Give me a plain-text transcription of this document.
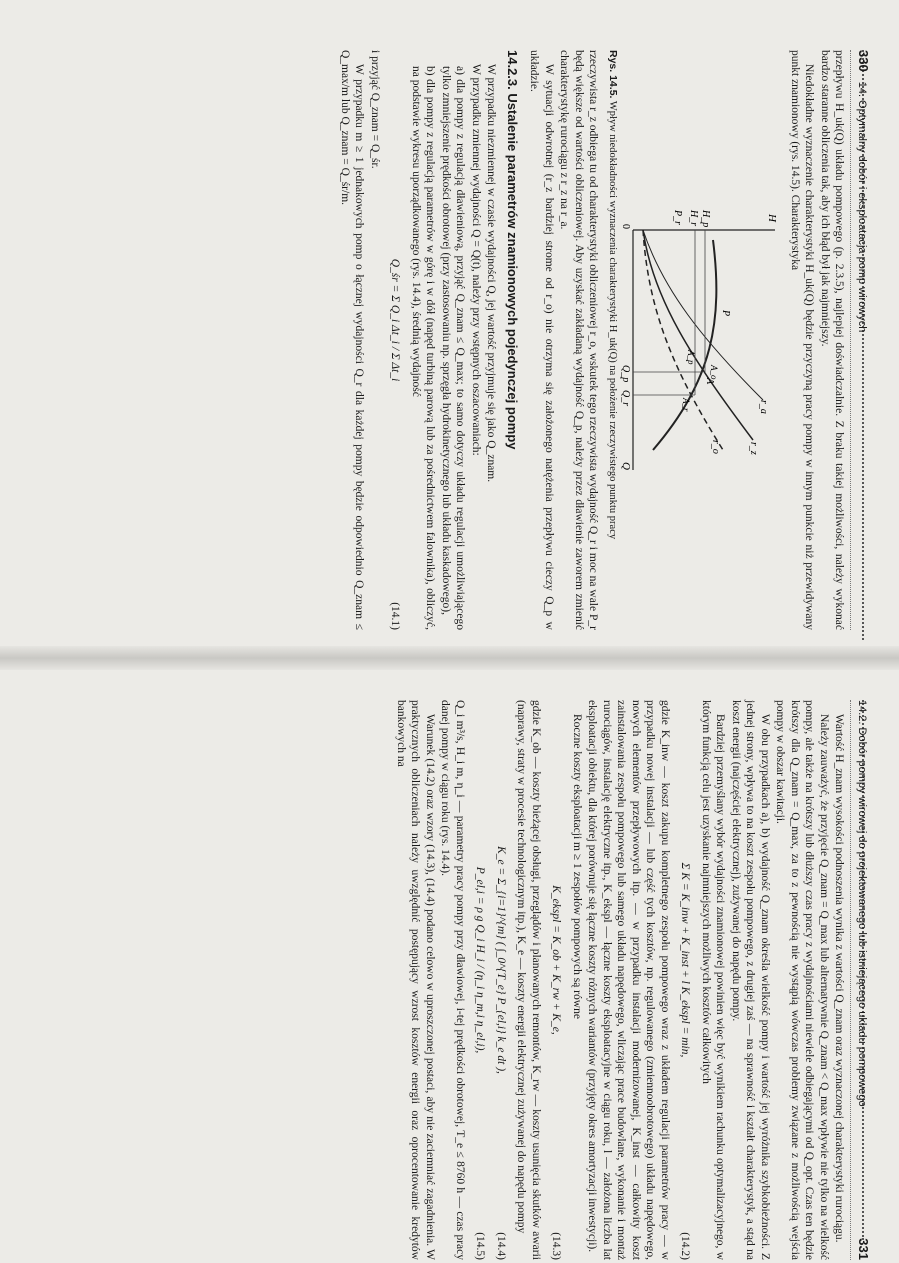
330
14. Optymalny dobór i eksploatacja pomp wirowych

przepływu H_uk(Q) układu pompowego (p. 2.3.5), najlepiej doświadczalnie. Z braku takiej możliwości, należy wykonać bardzo staranne obliczenia tak, aby ich błąd był jak najmniejszy.

Niedokładne wyznaczenie charakterystyki H_uk(Q) będzie przyczyną pracy pompy w innym punkcie niż przewidywany punkt znamionowy (rys. 14.5). Charakterystyka

H
H_p
H_r
P_r
P
r_o
r_a
r_z
A
A_o
A_p
A_r
0
Q_p
Q_r
Q
Rys. 14.5. Wpływ niedokładności wyznaczenia charakterystyki H_uk(Q) na położenie rzeczywistego punktu pracy

rzeczywista r_z odbiega tu od charakterystyki obliczeniowej r_o, wskutek tego rzeczywista wydajność Q_r i moc na wale P_r będą większe od wartości obliczeniowej. Aby uzyskać zakładaną wydajność Q_p, należy przez dławienie zaworem zmienić charakterystykę rurociągu z r_z na r_a.

W sytuacji odwrotnej (r_z bardziej strome od r_o) nie otrzyma się założonego natężenia przepływu cieczy Q_p w układzie.

14.2.3. Ustalenie parametrów znamionowych pojedynczej pompy

W przypadku niezmiennej w czasie wydajności Q, jej wartość przyjmuje się jako Q_znam.

W przypadku zmiennej wydajności Q = Q(t), należy przy wstępnych oszacowaniach:

a) dla pompy z regulacją dławieniową, przyjąć Q_znam ≤ Q_max; to samo dotyczy układu regulacji umożliwiającego tylko zmniejszenie prędkości obrotowej (przy zastosowaniu np. sprzęgła hydrokinetycznego lub układu kaskadowego),
b) dla pompy z regulacją parametrów w górę i w dół (napęd turbiną parową lub za pośrednictwem falownika), obliczyć, na podstawie wykresu uporządkowanego (rys. 14.4), średnią wydajność
Q_śr = Σ Q_i Δt_i / Σ Δt_i
(14.1)

i przyjąć Q_znam = Q_śr.

W przypadku m ≥ 1 jednakowych pomp o łącznej wydajności Q_r dla każdej pompy będzie odpowiednio Q_znam ≤ Q_max/m lub Q_znam = Q_śr/m.

14.2. Dobór pompy wirowej do projektowanego lub istniejącego układu pompowego
331

Wartość H_znam wysokości podnoszenia wynika z wartości Q_znam oraz wyznaczonej charakterystyki rurociągu.

Należy zauważyć, że przyjęcie Q_znam = Q_max lub alternatywnie Q_znam < Q_max wpływie nie tylko na wielkość pompy, ale także na krótszy lub dłuższy czas pracy z wydajnościami niewiele odbiegającymi od Q_opt. Czas ten będzie krótszy dla Q_znam = Q_max, za to z pewnością nie wystąpią wówczas problemy związane z możliwością wejścia pompy w obszar kawitacji.

W obu przypadkach a), b) wydajność Q_znam określa wielkość pompy i wartość jej wyróżnika szybkobieżności. Z jednej strony, wpływa to na koszt zespołu pompowego, z drugiej zaś — na sprawność i kształt charakterystyk, a stąd na koszt energii (najczęściej elektrycznej), zużywanej do napędu pompy.

Bardziej przemyślany wybór wydajności znamionowej powinien więc być wynikiem rachunku optymalizacyjnego, w którym funkcją celu jest uzyskanie najmniejszych możliwych kosztów całkowitych

Σ K = K_inw + K_inst + l K_ekspl = min,
(14.2)

gdzie K_inw — koszt zakupu kompletnego zespołu pompowego wraz z układem regulacji parametrów pracy — w przypadku nowej instalacji — lub część tych kosztów, np. regulowanego (zmiennoobrotowego) układu napędowego, nowych elementów przepływowych itp. — w przypadku instalacji modernizowanej, K_inst — całkowity koszt zainstalowania zespołu pompowego lub samego układu napędowego, wliczając prace budowlane, wykonanie i montaż rurociągów, instalację elektryczne itp., K_ekspl — łączne koszty eksploatacyjne w ciągu roku, l — założona liczba lat eksploatacji obiektu, dla której porównuje się łączne koszty różnych wariantów (przyjęty okres amortyzacji inwestycji).

Roczne koszty eksploatacji m ≥ 1 zespołów pompowych są równe

K_ekspl = K_ob + K_rw + K_e,
(14.3)

gdzie K_ob — koszty bieżącej obsługi, przeglądów i planowanych remontów, K_rw — koszty usunięcia skutków awarii (naprawy, straty w procesie technologicznym itp.), K_e — koszty energii elektrycznej zużywanej do napędu pompy

K_e = Σ_{i=1}^{m} ( ∫_0^{T_e} P_{el,i} k_e dt ),
(14.4)
P_el,i = ρ g Q_i H_i / (η_i η_m,i η_el,i),
(14.5)

Q_i m³/s, H_i m, η_i — parametry pracy pompy przy dławiowej, i-tej prędkości obrotowej, T_e ≤ 8760 h — czas pracy danej pompy w ciągu roku (rys. 14.4).

Warunek (14.2) oraz wzory (14.3), (14.4) podano celowo w uproszczonej postaci, aby nie zaciemniać zagadnienia. W praktycznych obliczeniach należy uwzględnić postępujący wzrost kosztów energii oraz oprocentowanie kredytów bankowych na
